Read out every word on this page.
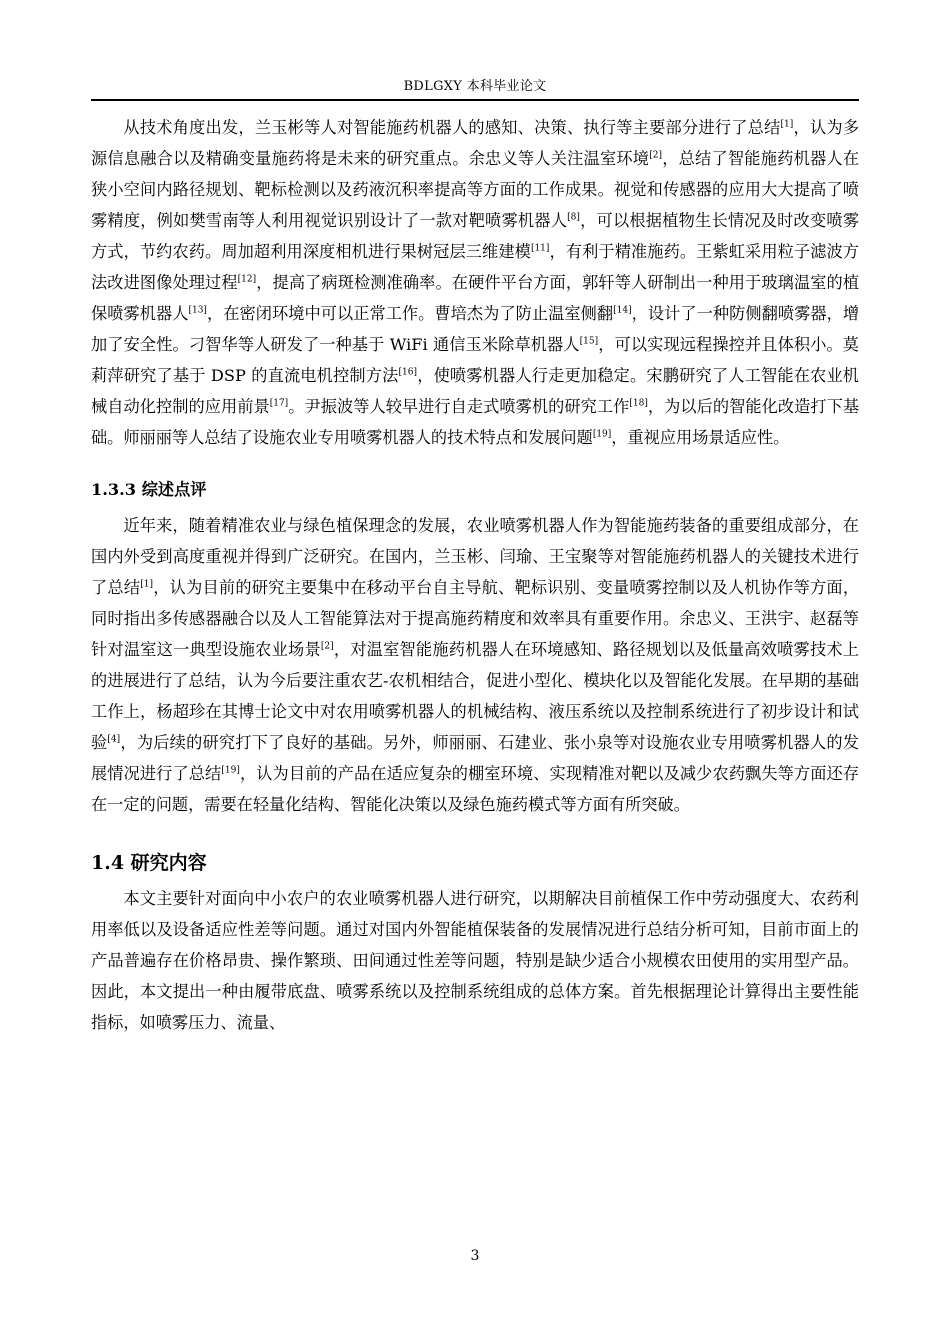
BDLGXY 本科毕业论文

从技术角度出发，兰玉彬等人对智能施药机器人的感知、决策、执行等主要部分进行了总结[1]，认为多源信息融合以及精确变量施药将是未来的研究重点。余忠义等人关注温室环境[2]，总结了智能施药机器人在狭小空间内路径规划、靶标检测以及药液沉积率提高等方面的工作成果。视觉和传感器的应用大大提高了喷雾精度，例如樊雪南等人利用视觉识别设计了一款对靶喷雾机器人[8]，可以根据植物生长情况及时改变喷雾方式，节约农药。周加超利用深度相机进行果树冠层三维建模[11]，有利于精准施药。王紫虹采用粒子滤波方法改进图像处理过程[12]，提高了病斑检测准确率。在硬件平台方面，郭轩等人研制出一种用于玻璃温室的植保喷雾机器人[13]，在密闭环境中可以正常工作。曹培杰为了防止温室侧翻[14]，设计了一种防侧翻喷雾器，增加了安全性。刁智华等人研发了一种基于 WiFi 通信玉米除草机器人[15]，可以实现远程操控并且体积小。莫莉萍研究了基于 DSP 的直流电机控制方法[16]，使喷雾机器人行走更加稳定。宋鹏研究了人工智能在农业机械自动化控制的应用前景[17]。尹振波等人较早进行自走式喷雾机的研究工作[18]，为以后的智能化改造打下基础。师丽丽等人总结了设施农业专用喷雾机器人的技术特点和发展问题[19]，重视应用场景适应性。

1.3.3 综述点评

近年来，随着精准农业与绿色植保理念的发展，农业喷雾机器人作为智能施药装备的重要组成部分，在国内外受到高度重视并得到广泛研究。在国内，兰玉彬、闫瑜、王宝聚等对智能施药机器人的关键技术进行了总结[1]，认为目前的研究主要集中在移动平台自主导航、靶标识别、变量喷雾控制以及人机协作等方面，同时指出多传感器融合以及人工智能算法对于提高施药精度和效率具有重要作用。余忠义、王洪宇、赵磊等针对温室这一典型设施农业场景[2]，对温室智能施药机器人在环境感知、路径规划以及低量高效喷雾技术上的进展进行了总结，认为今后要注重农艺-农机相结合，促进小型化、模块化以及智能化发展。在早期的基础工作上，杨超珍在其博士论文中对农用喷雾机器人的机械结构、液压系统以及控制系统进行了初步设计和试验[4]，为后续的研究打下了良好的基础。另外，师丽丽、石建业、张小泉等对设施农业专用喷雾机器人的发展情况进行了总结[19]，认为目前的产品在适应复杂的棚室环境、实现精准对靶以及减少农药飘失等方面还存在一定的问题，需要在轻量化结构、智能化决策以及绿色施药模式等方面有所突破。

1.4 研究内容

本文主要针对面向中小农户的农业喷雾机器人进行研究，以期解决目前植保工作中劳动强度大、农药利用率低以及设备适应性差等问题。通过对国内外智能植保装备的发展情况进行总结分析可知，目前市面上的产品普遍存在价格昂贵、操作繁琐、田间通过性差等问题，特别是缺少适合小规模农田使用的实用型产品。因此，本文提出一种由履带底盘、喷雾系统以及控制系统组成的总体方案。首先根据理论计算得出主要性能指标，如喷雾压力、流量、

3
